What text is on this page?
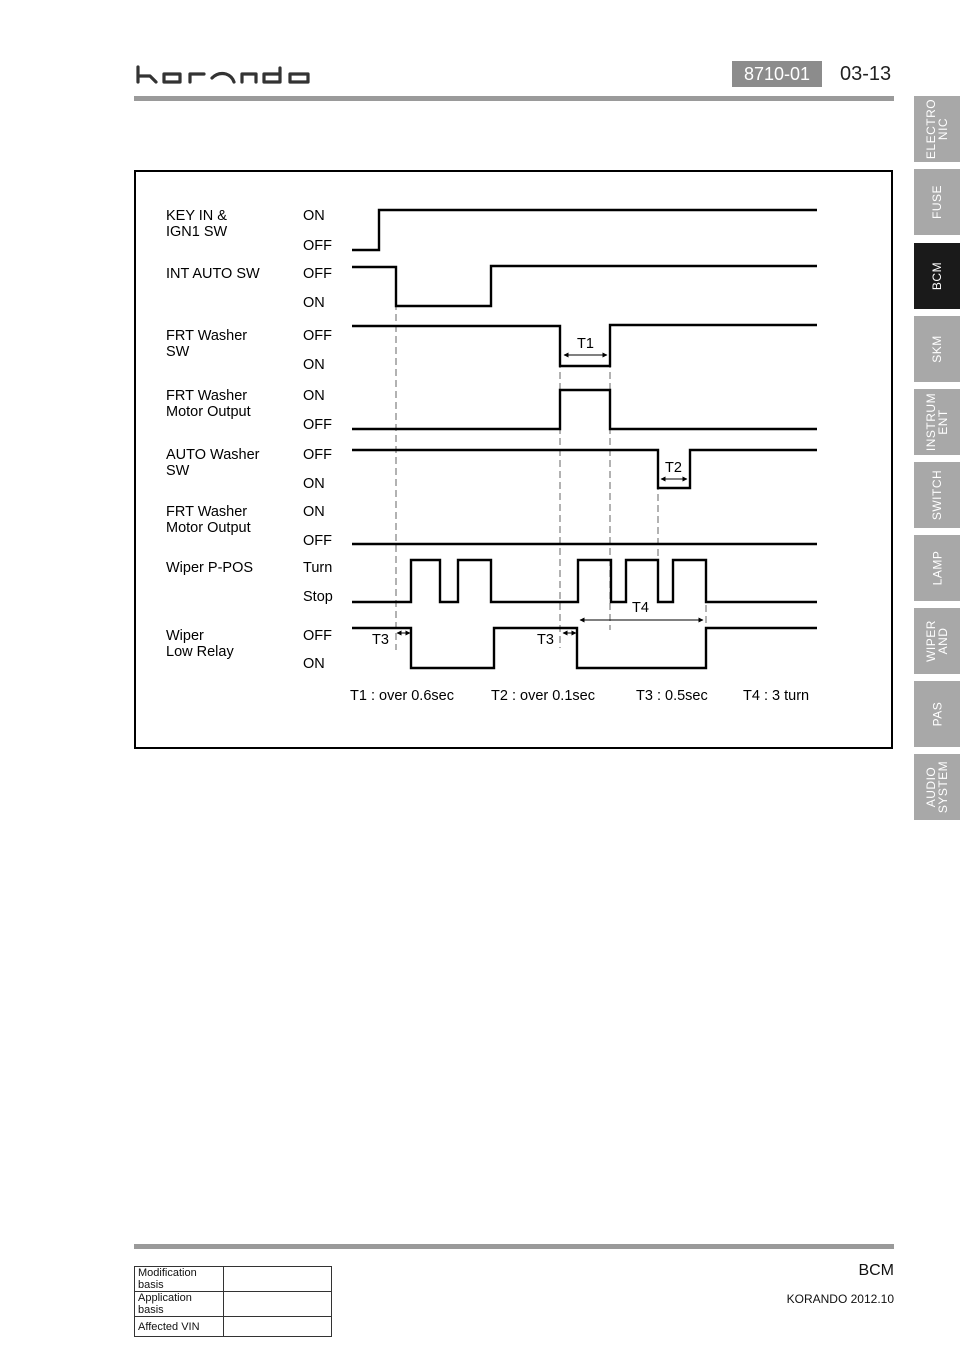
8710-01	03-13
ELECTRO
NIC
FUSE
BCM
SKM
INSTRUM
ENT
SWITCH
LAMP
WIPER
AND
PAS
AUDIO
SYSTEM
KEY IN & IGN1 SW
INT AUTO SW
FRT Washer SW
FRT Washer Motor Output
AUTO Washer SW
FRT Washer Motor Output
Wiper P-POS
Wiper Low Relay
ON
OFF
OFF
ON
OFF
ON
ON
OFF
OFF
ON
ON
OFF
Turn
Stop
OFF
ON
T1
T2
T3	T3
T4
T1 : over 0.6sec	T2 : over 0.1sec	T3 : 0.5sec T4 : 3 turn
BCM
KORANDO 2012.10
Modification basis	
Application basis	
Affected VIN	
